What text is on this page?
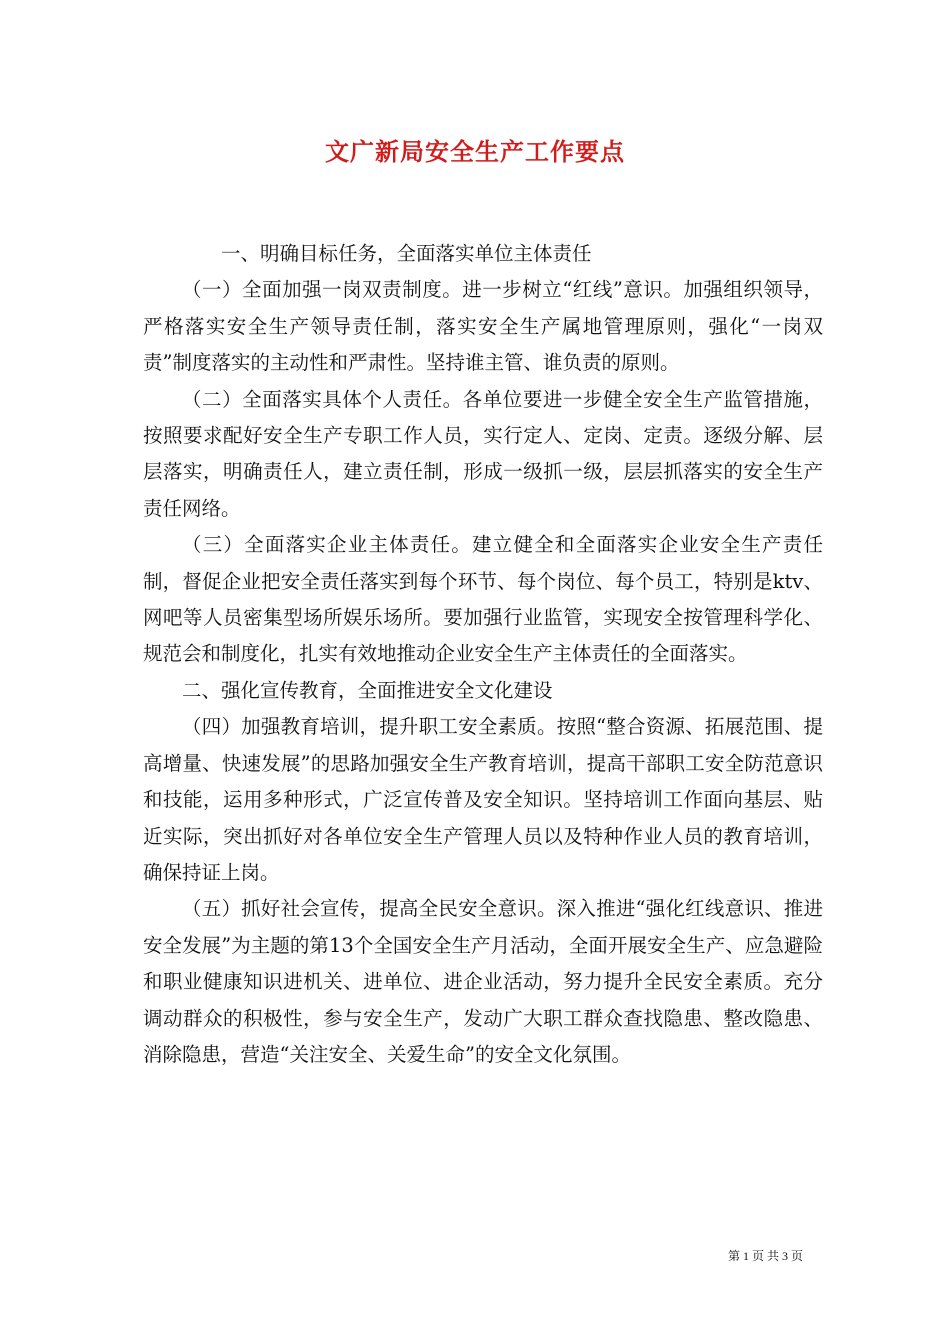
文广新局安全生产工作要点

一、明确目标任务，全面落实单位主体责任

（一）全面加强一岗双责制度。进一步树立“红线”意识。加强组织领导，严格落实安全生产领导责任制，落实安全生产属地管理原则，强化“一岗双责”制度落实的主动性和严肃性。坚持谁主管、谁负责的原则。

（二）全面落实具体个人责任。各单位要进一步健全安全生产监管措施，按照要求配好安全生产专职工作人员，实行定人、定岗、定责。逐级分解、层层落实，明确责任人，建立责任制，形成一级抓一级，层层抓落实的安全生产责任网络。

（三）全面落实企业主体责任。建立健全和全面落实企业安全生产责任制，督促企业把安全责任落实到每个环节、每个岗位、每个员工，特别是ktv、网吧等人员密集型场所娱乐场所。要加强行业监管，实现安全按管理科学化、规范会和制度化，扎实有效地推动企业安全生产主体责任的全面落实。

二、强化宣传教育，全面推进安全文化建设

（四）加强教育培训，提升职工安全素质。按照“整合资源、拓展范围、提高增量、快速发展”的思路加强安全生产教育培训，提高干部职工安全防范意识和技能，运用多种形式，广泛宣传普及安全知识。坚持培训工作面向基层、贴近实际，突出抓好对各单位安全生产管理人员以及特种作业人员的教育培训，确保持证上岗。

（五）抓好社会宣传，提高全民安全意识。深入推进“强化红线意识、推进安全发展”为主题的第13个全国安全生产月活动，全面开展安全生产、应急避险和职业健康知识进机关、进单位、进企业活动，努力提升全民安全素质。充分调动群众的积极性，参与安全生产，发动广大职工群众查找隐患、整改隐患、消除隐患，营造“关注安全、关爱生命”的安全文化氛围。

第 1 页 共 3 页
